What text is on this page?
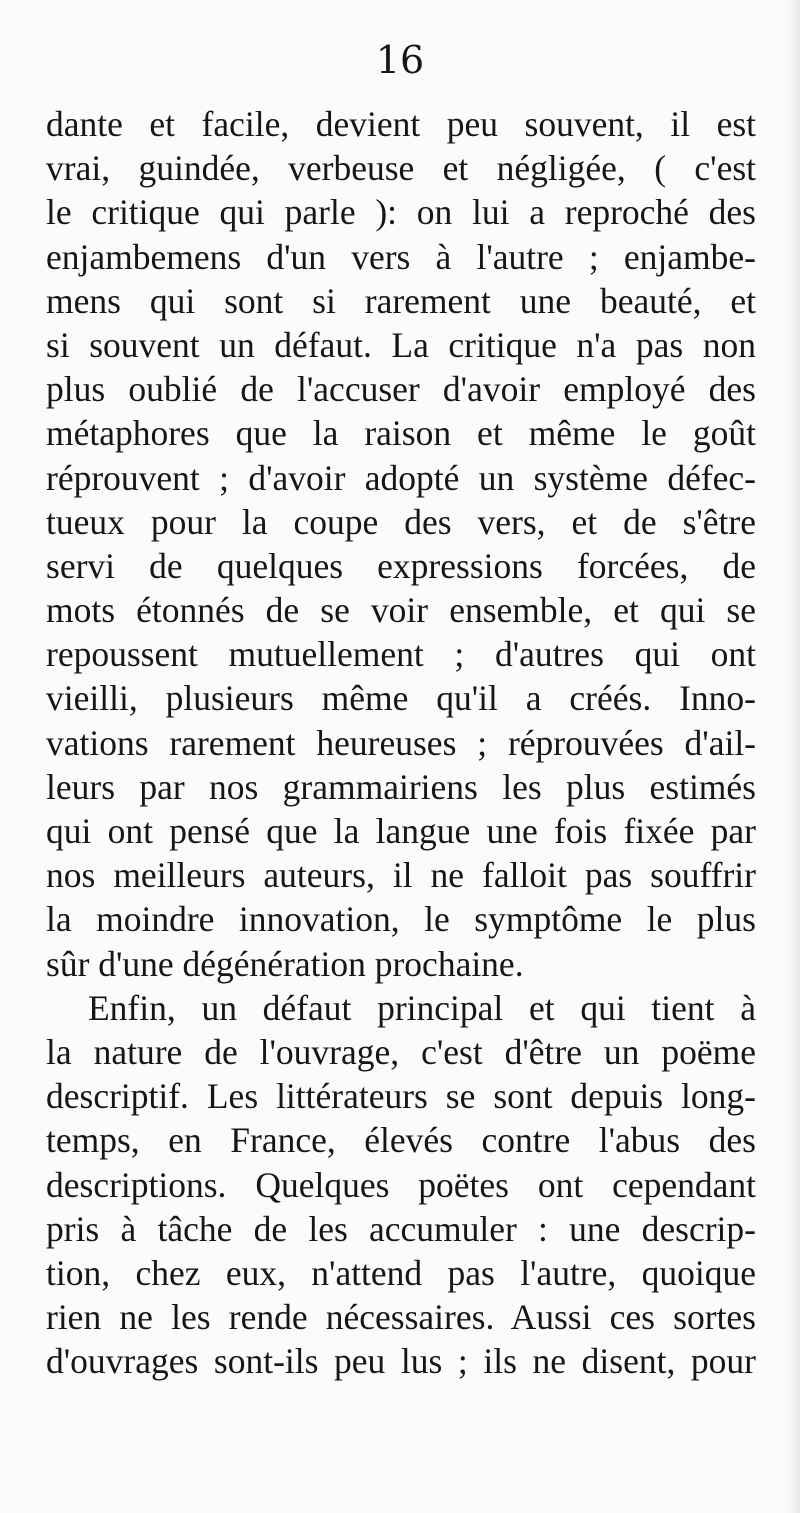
16
dante et facile, devient peu souvent, il est
vrai, guindée, verbeuse et négligée, ( c'est
le critique qui parle ): on lui a reproché des
enjambemens d'un vers à l'autre ; enjambe-
mens qui sont si rarement une beauté, et
si souvent un défaut. La critique n'a pas non
plus oublié de l'accuser d'avoir employé des
métaphores que la raison et même le goût
réprouvent ; d'avoir adopté un système défec-
tueux pour la coupe des vers, et de s'être
servi de quelques expressions forcées, de
mots étonnés de se voir ensemble, et qui se
repoussent mutuellement ; d'autres qui ont
vieilli, plusieurs même qu'il a créés. Inno-
vations rarement heureuses ; réprouvées d'ail-
leurs par nos grammairiens les plus estimés
qui ont pensé que la langue une fois fixée par
nos meilleurs auteurs, il ne falloit pas souffrir
la moindre innovation, le symptôme le plus
sûr d'une dégénération prochaine.
Enfin, un défaut principal et qui tient à
la nature de l'ouvrage, c'est d'être un poëme
descriptif. Les littérateurs se sont depuis long-
temps, en France, élevés contre l'abus des
descriptions. Quelques poëtes ont cependant
pris à tâche de les accumuler : une descrip-
tion, chez eux, n'attend pas l'autre, quoique
rien ne les rende nécessaires. Aussi ces sortes
d'ouvrages sont-ils peu lus ; ils ne disent, pour
